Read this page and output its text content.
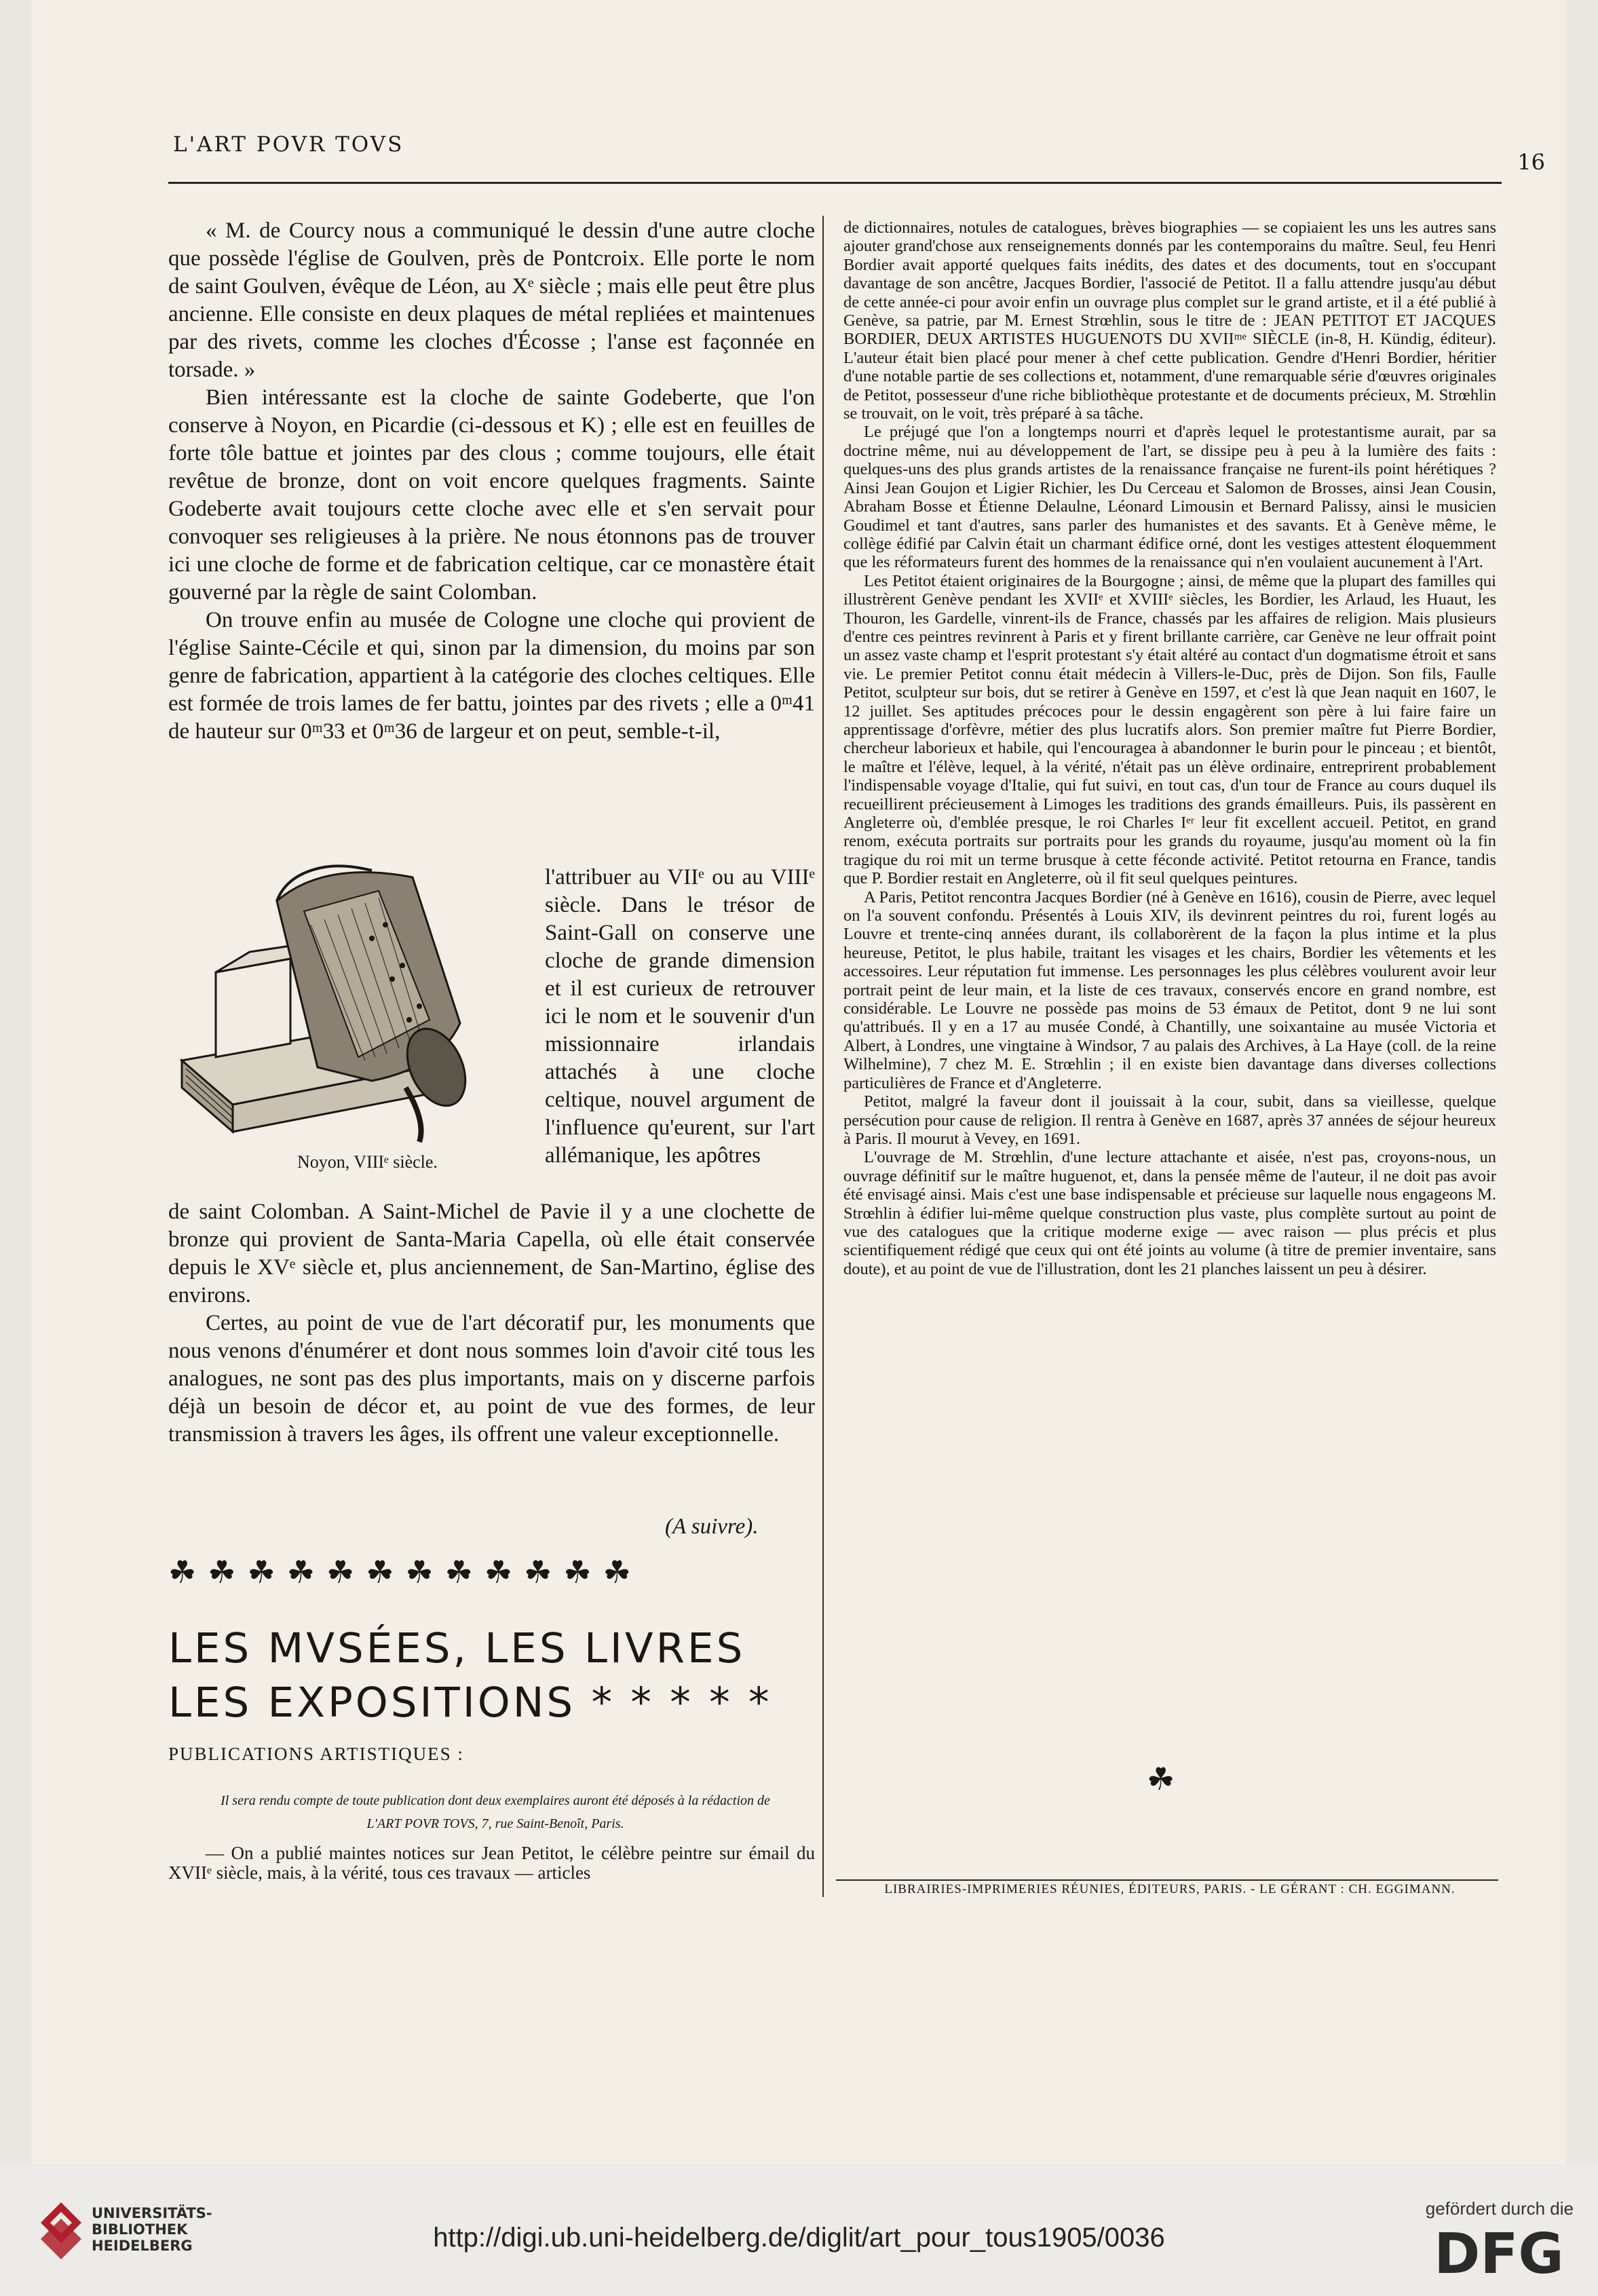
L'ART POVR TOVS
16

« M. de Courcy nous a communiqué le dessin d'une autre cloche que possède l'église de Goulven, près de Pontcroix. Elle porte le nom de saint Goulven, évêque de Léon, au Xᵉ siècle ; mais elle peut être plus ancienne. Elle consiste en deux plaques de métal repliées et maintenues par des rivets, comme les cloches d'Écosse ; l'anse est façonnée en torsade. »

Bien intéressante est la cloche de sainte Godeberte, que l'on conserve à Noyon, en Picardie (ci-dessous et K) ; elle est en feuilles de forte tôle battue et jointes par des clous ; comme toujours, elle était revêtue de bronze, dont on voit encore quelques fragments. Sainte Godeberte avait toujours cette cloche avec elle et s'en servait pour convoquer ses religieuses à la prière. Ne nous étonnons pas de trouver ici une cloche de forme et de fabrication celtique, car ce monastère était gouverné par la règle de saint Colomban.

On trouve enfin au musée de Cologne une cloche qui provient de l'église Sainte-Cécile et qui, sinon par la dimension, du moins par son genre de fabrication, appartient à la catégorie des cloches celtiques. Elle est formée de trois lames de fer battu, jointes par des rivets ; elle a 0ᵐ41 de hauteur sur 0ᵐ33 et 0ᵐ36 de largeur et on peut, semble-t-il,

Noyon, VIIIᵉ siècle.
l'attribuer au VIIᵉ ou au VIIIᵉ siècle. Dans le trésor de Saint-Gall on conserve une cloche de grande dimension et il est curieux de retrouver ici le nom et le souvenir d'un missionnaire irlandais attachés à une cloche celtique, nouvel argument de l'influence qu'eurent, sur l'art allémanique, les apôtres

de saint Colomban. A Saint-Michel de Pavie il y a une clochette de bronze qui provient de Santa-Maria Capella, où elle était conservée depuis le XVᵉ siècle et, plus anciennement, de San-Martino, église des environs.

Certes, au point de vue de l'art décoratif pur, les monuments que nous venons d'énumérer et dont nous sommes loin d'avoir cité tous les analogues, ne sont pas des plus importants, mais on y discerne parfois déjà un besoin de décor et, au point de vue des formes, de leur transmission à travers les âges, ils offrent une valeur exceptionnelle.

(A suivre).
☘☘☘☘☘☘☘☘☘☘☘☘
LES MVSÉES, LES LIVRES
LES EXPOSITIONS * * * * *
PUBLICATIONS ARTISTIQUES :
Il sera rendu compte de toute publication dont deux exemplaires auront été déposés à la rédaction de L'ART POVR TOVS, 7, rue Saint-Benoît, Paris.
— On a publié maintes notices sur Jean Petitot, le célèbre peintre sur émail du XVIIᵉ siècle, mais, à la vérité, tous ces travaux — articles

de dictionnaires, notules de catalogues, brèves biographies — se copiaient les uns les autres sans ajouter grand'chose aux renseignements donnés par les contemporains du maître. Seul, feu Henri Bordier avait apporté quelques faits inédits, des dates et des documents, tout en s'occupant davantage de son ancêtre, Jacques Bordier, l'associé de Petitot. Il a fallu attendre jusqu'au début de cette année-ci pour avoir enfin un ouvrage plus complet sur le grand artiste, et il a été publié à Genève, sa patrie, par M. Ernest Strœhlin, sous le titre de : JEAN PETITOT ET JACQUES BORDIER, DEUX ARTISTES HUGUENOTS DU XVIIᵐᵉ SIÈCLE (in-8, H. Kündig, éditeur). L'auteur était bien placé pour mener à chef cette publication. Gendre d'Henri Bordier, héritier d'une notable partie de ses collections et, notamment, d'une remarquable série d'œuvres originales de Petitot, possesseur d'une riche bibliothèque protestante et de documents précieux, M. Strœhlin se trouvait, on le voit, très préparé à sa tâche.

Le préjugé que l'on a longtemps nourri et d'après lequel le protestantisme aurait, par sa doctrine même, nui au développement de l'art, se dissipe peu à peu à la lumière des faits : quelques-uns des plus grands artistes de la renaissance française ne furent-ils point hérétiques ? Ainsi Jean Goujon et Ligier Richier, les Du Cerceau et Salomon de Brosses, ainsi Jean Cousin, Abraham Bosse et Étienne Delaulne, Léonard Limousin et Bernard Palissy, ainsi le musicien Goudimel et tant d'autres, sans parler des humanistes et des savants. Et à Genève même, le collège édifié par Calvin était un charmant édifice orné, dont les vestiges attestent éloquemment que les réformateurs furent des hommes de la renaissance qui n'en voulaient aucunement à l'Art.

Les Petitot étaient originaires de la Bourgogne ; ainsi, de même que la plupart des familles qui illustrèrent Genève pendant les XVIIᵉ et XVIIIᵉ siècles, les Bordier, les Arlaud, les Huaut, les Thouron, les Gardelle, vinrent-ils de France, chassés par les affaires de religion. Mais plusieurs d'entre ces peintres revinrent à Paris et y firent brillante carrière, car Genève ne leur offrait point un assez vaste champ et l'esprit protestant s'y était altéré au contact d'un dogmatisme étroit et sans vie. Le premier Petitot connu était médecin à Villers-le-Duc, près de Dijon. Son fils, Faulle Petitot, sculpteur sur bois, dut se retirer à Genève en 1597, et c'est là que Jean naquit en 1607, le 12 juillet. Ses aptitudes précoces pour le dessin engagèrent son père à lui faire faire un apprentissage d'orfèvre, métier des plus lucratifs alors. Son premier maître fut Pierre Bordier, chercheur laborieux et habile, qui l'encouragea à abandonner le burin pour le pinceau ; et bientôt, le maître et l'élève, lequel, à la vérité, n'était pas un élève ordinaire, entreprirent probablement l'indispensable voyage d'Italie, qui fut suivi, en tout cas, d'un tour de France au cours duquel ils recueillirent précieusement à Limoges les traditions des grands émailleurs. Puis, ils passèrent en Angleterre où, d'emblée presque, le roi Charles Iᵉʳ leur fit excellent accueil. Petitot, en grand renom, exécuta portraits sur portraits pour les grands du royaume, jusqu'au moment où la fin tragique du roi mit un terme brusque à cette féconde activité. Petitot retourna en France, tandis que P. Bordier restait en Angleterre, où il fit seul quelques peintures.

A Paris, Petitot rencontra Jacques Bordier (né à Genève en 1616), cousin de Pierre, avec lequel on l'a souvent confondu. Présentés à Louis XIV, ils devinrent peintres du roi, furent logés au Louvre et trente-cinq années durant, ils collaborèrent de la façon la plus intime et la plus heureuse, Petitot, le plus habile, traitant les visages et les chairs, Bordier les vêtements et les accessoires. Leur réputation fut immense. Les personnages les plus célèbres voulurent avoir leur portrait peint de leur main, et la liste de ces travaux, conservés encore en grand nombre, est considérable. Le Louvre ne possède pas moins de 53 émaux de Petitot, dont 9 ne lui sont qu'attribués. Il y en a 17 au musée Condé, à Chantilly, une soixantaine au musée Victoria et Albert, à Londres, une vingtaine à Windsor, 7 au palais des Archives, à La Haye (coll. de la reine Wilhelmine), 7 chez M. E. Strœhlin ; il en existe bien davantage dans diverses collections particulières de France et d'Angleterre.

Petitot, malgré la faveur dont il jouissait à la cour, subit, dans sa vieillesse, quelque persécution pour cause de religion. Il rentra à Genève en 1687, après 37 années de séjour heureux à Paris. Il mourut à Vevey, en 1691.

L'ouvrage de M. Strœhlin, d'une lecture attachante et aisée, n'est pas, croyons-nous, un ouvrage définitif sur le maître huguenot, et, dans la pensée même de l'auteur, il ne doit pas avoir été envisagé ainsi. Mais c'est une base indispensable et précieuse sur laquelle nous engageons M. Strœhlin à édifier lui-même quelque construction plus vaste, plus complète surtout au point de vue des catalogues que la critique moderne exige — avec raison — plus précis et plus scientifiquement rédigé que ceux qui ont été joints au volume (à titre de premier inventaire, sans doute), et au point de vue de l'illustration, dont les 21 planches laissent un peu à désirer.

☘
LIBRAIRIES-IMPRIMERIES RÉUNIES, ÉDITEURS, PARIS. - LE GÉRANT : CH. EGGIMANN.
UNIVERSITÄTS-
BIBLIOTHEK
HEIDELBERG	http://digi.ub.uni-heidelberg.de/diglit/art_pour_tous1905/0036
gefördert durch die
DFG
